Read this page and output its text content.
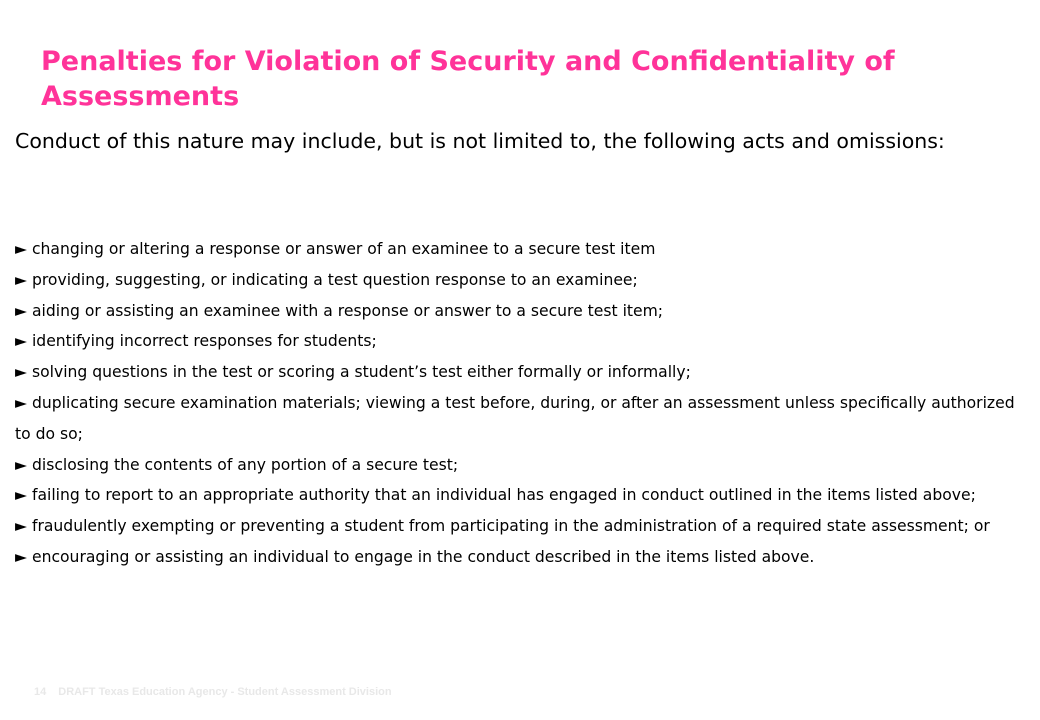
Penalties for Violation of Security and Confidentiality of Assessments

Conduct of this nature may include, but is not limited to, the following acts and omissions:

► changing or altering a response or answer of an examinee to a secure test item
► providing, suggesting, or indicating a test question response to an examinee;
► aiding or assisting an examinee with a response or answer to a secure test item;
► identifying incorrect responses for students;
► solving questions in the test or scoring a student’s test either formally or informally;
► duplicating secure examination materials; viewing a test before, during, or after an assessment unless specifically authorized to do so;
► disclosing the contents of any portion of a secure test;
► failing to report to an appropriate authority that an individual has engaged in conduct outlined in the items listed above;
► fraudulently exempting or preventing a student from participating in the administration of a required state assessment; or
► encouraging or assisting an individual to engage in the conduct described in the items listed above.
14 DRAFT Texas Education Agency - Student Assessment Division
